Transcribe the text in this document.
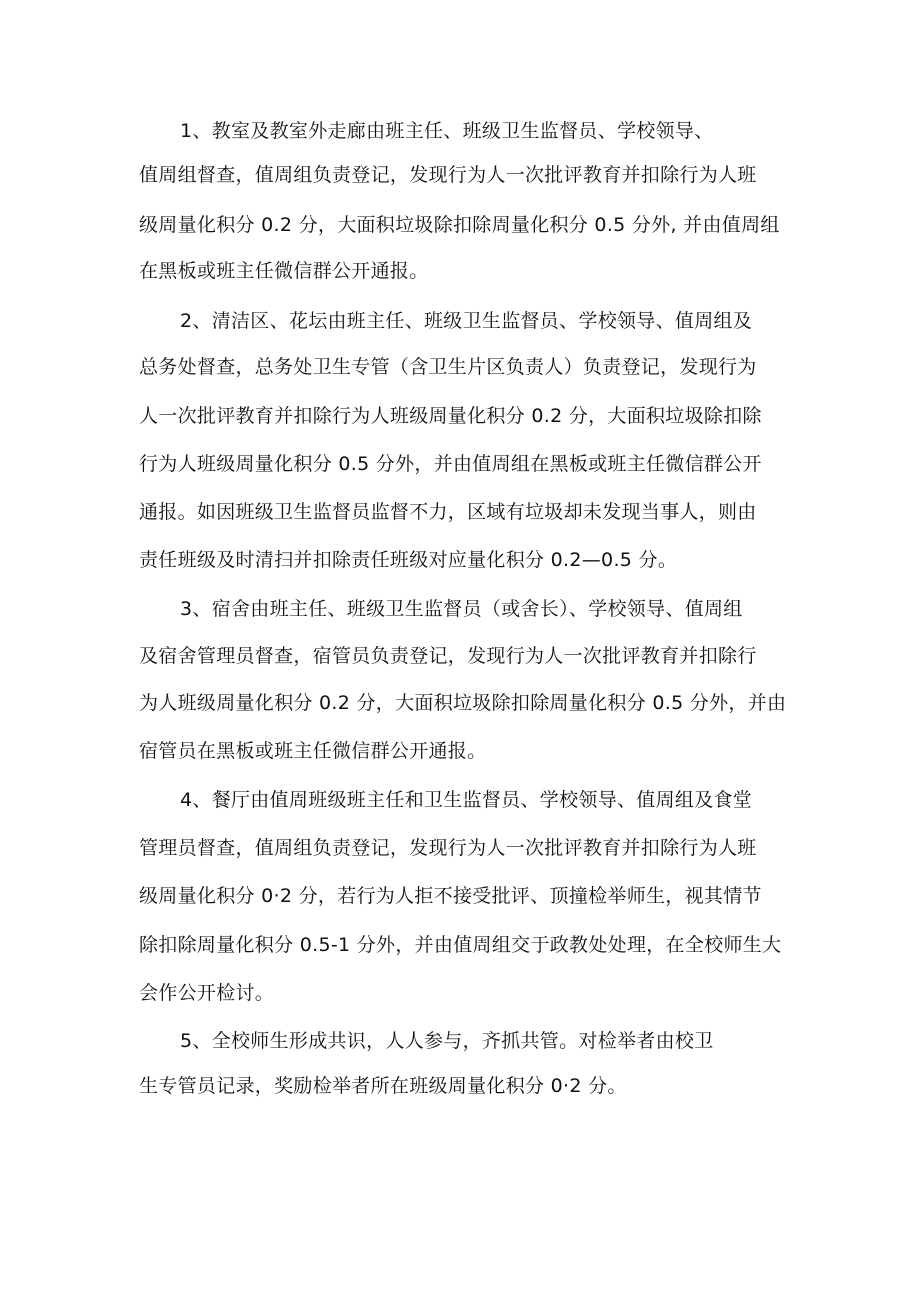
1、教室及教室外走廊由班主任、班级卫生监督员、学校领导、
值周组督查，值周组负责登记，发现行为人一次批评教育并扣除行为人班
级周量化积分 0.2 分，大面积垃圾除扣除周量化积分 0.5 分外, 并由值周组
在黑板或班主任微信群公开通报。
2、清洁区、花坛由班主任、班级卫生监督员、学校领导、值周组及
总务处督查，总务处卫生专管（含卫生片区负责人）负责登记，发现行为
人一次批评教育并扣除行为人班级周量化积分 0.2 分，大面积垃圾除扣除
行为人班级周量化积分 0.5 分外，并由值周组在黑板或班主任微信群公开
通报。如因班级卫生监督员监督不力，区域有垃圾却未发现当事人，则由
责任班级及时清扫并扣除责任班级对应量化积分 0.2—0.5 分。
3、宿舍由班主任、班级卫生监督员（或舍长）、学校领导、值周组
及宿舍管理员督查，宿管员负责登记，发现行为人一次批评教育并扣除行
为人班级周量化积分 0.2 分，大面积垃圾除扣除周量化积分 0.5 分外，并由
宿管员在黑板或班主任微信群公开通报。
4、餐厅由值周班级班主任和卫生监督员、学校领导、值周组及食堂
管理员督查，值周组负责登记，发现行为人一次批评教育并扣除行为人班
级周量化积分 0·2 分，若行为人拒不接受批评、顶撞检举师生，视其情节
除扣除周量化积分 0.5-1 分外，并由值周组交于政教处处理，在全校师生大
会作公开检讨。
5、全校师生形成共识，人人参与，齐抓共管。对检举者由校卫
生专管员记录，奖励检举者所在班级周量化积分 0·2 分。
